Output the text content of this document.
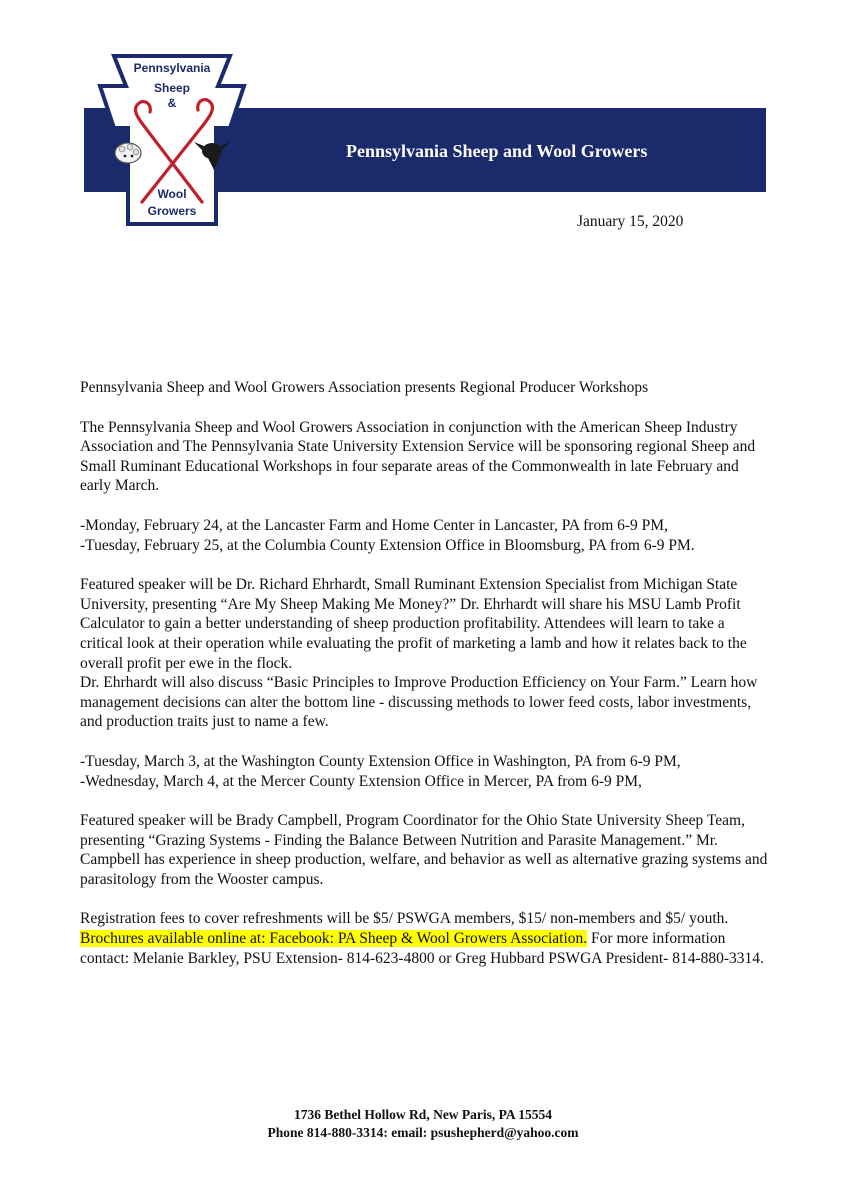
Pennsylvania Sheep and Wool Growers
Pennsylvania
Sheep
&
Wool
Growers
January 15, 2020

Pennsylvania Sheep and Wool Growers Association presents Regional Producer Workshops

The Pennsylvania Sheep and Wool Growers Association in conjunction with the American Sheep Industry Association and The Pennsylvania State University Extension Service will be sponsoring regional Sheep and Small Ruminant Educational Workshops in four separate areas of the Commonwealth in late February and early March.

-Monday, February 24, at the Lancaster Farm and Home Center in Lancaster, PA from 6-9 PM,

-Tuesday, February 25, at the Columbia County Extension Office in Bloomsburg, PA from 6-9 PM.

Featured speaker will be Dr. Richard Ehrhardt, Small Ruminant Extension Specialist from Michigan State University, presenting “Are My Sheep Making Me Money?” Dr. Ehrhardt will share his MSU Lamb Profit Calculator to gain a better understanding of sheep production profitability. Attendees will learn to take a critical look at their operation while evaluating the profit of marketing a lamb and how it relates back to the overall profit per ewe in the flock.

Dr. Ehrhardt will also discuss “Basic Principles to Improve Production Efficiency on Your Farm.” Learn how management decisions can alter the bottom line - discussing methods to lower feed costs, labor investments, and production traits just to name a few.

-Tuesday, March 3, at the Washington County Extension Office in Washington, PA from 6-9 PM,

-Wednesday, March 4, at the Mercer County Extension Office in Mercer, PA from 6-9 PM,

Featured speaker will be Brady Campbell, Program Coordinator for the Ohio State University Sheep Team, presenting “Grazing Systems - Finding the Balance Between Nutrition and Parasite Management.” Mr. Campbell has experience in sheep production, welfare, and behavior as well as alternative grazing systems and parasitology from the Wooster campus.

Registration fees to cover refreshments will be $5/ PSWGA members, $15/ non-members and $5/ youth. Brochures available online at: Facebook: PA Sheep & Wool Growers Association. For more information contact: Melanie Barkley, PSU Extension- 814-623-4800 or Greg Hubbard PSWGA President- 814-880-3314.

1736 Bethel Hollow Rd, New Paris, PA 15554
Phone 814-880-3314: email: psushepherd@yahoo.com
